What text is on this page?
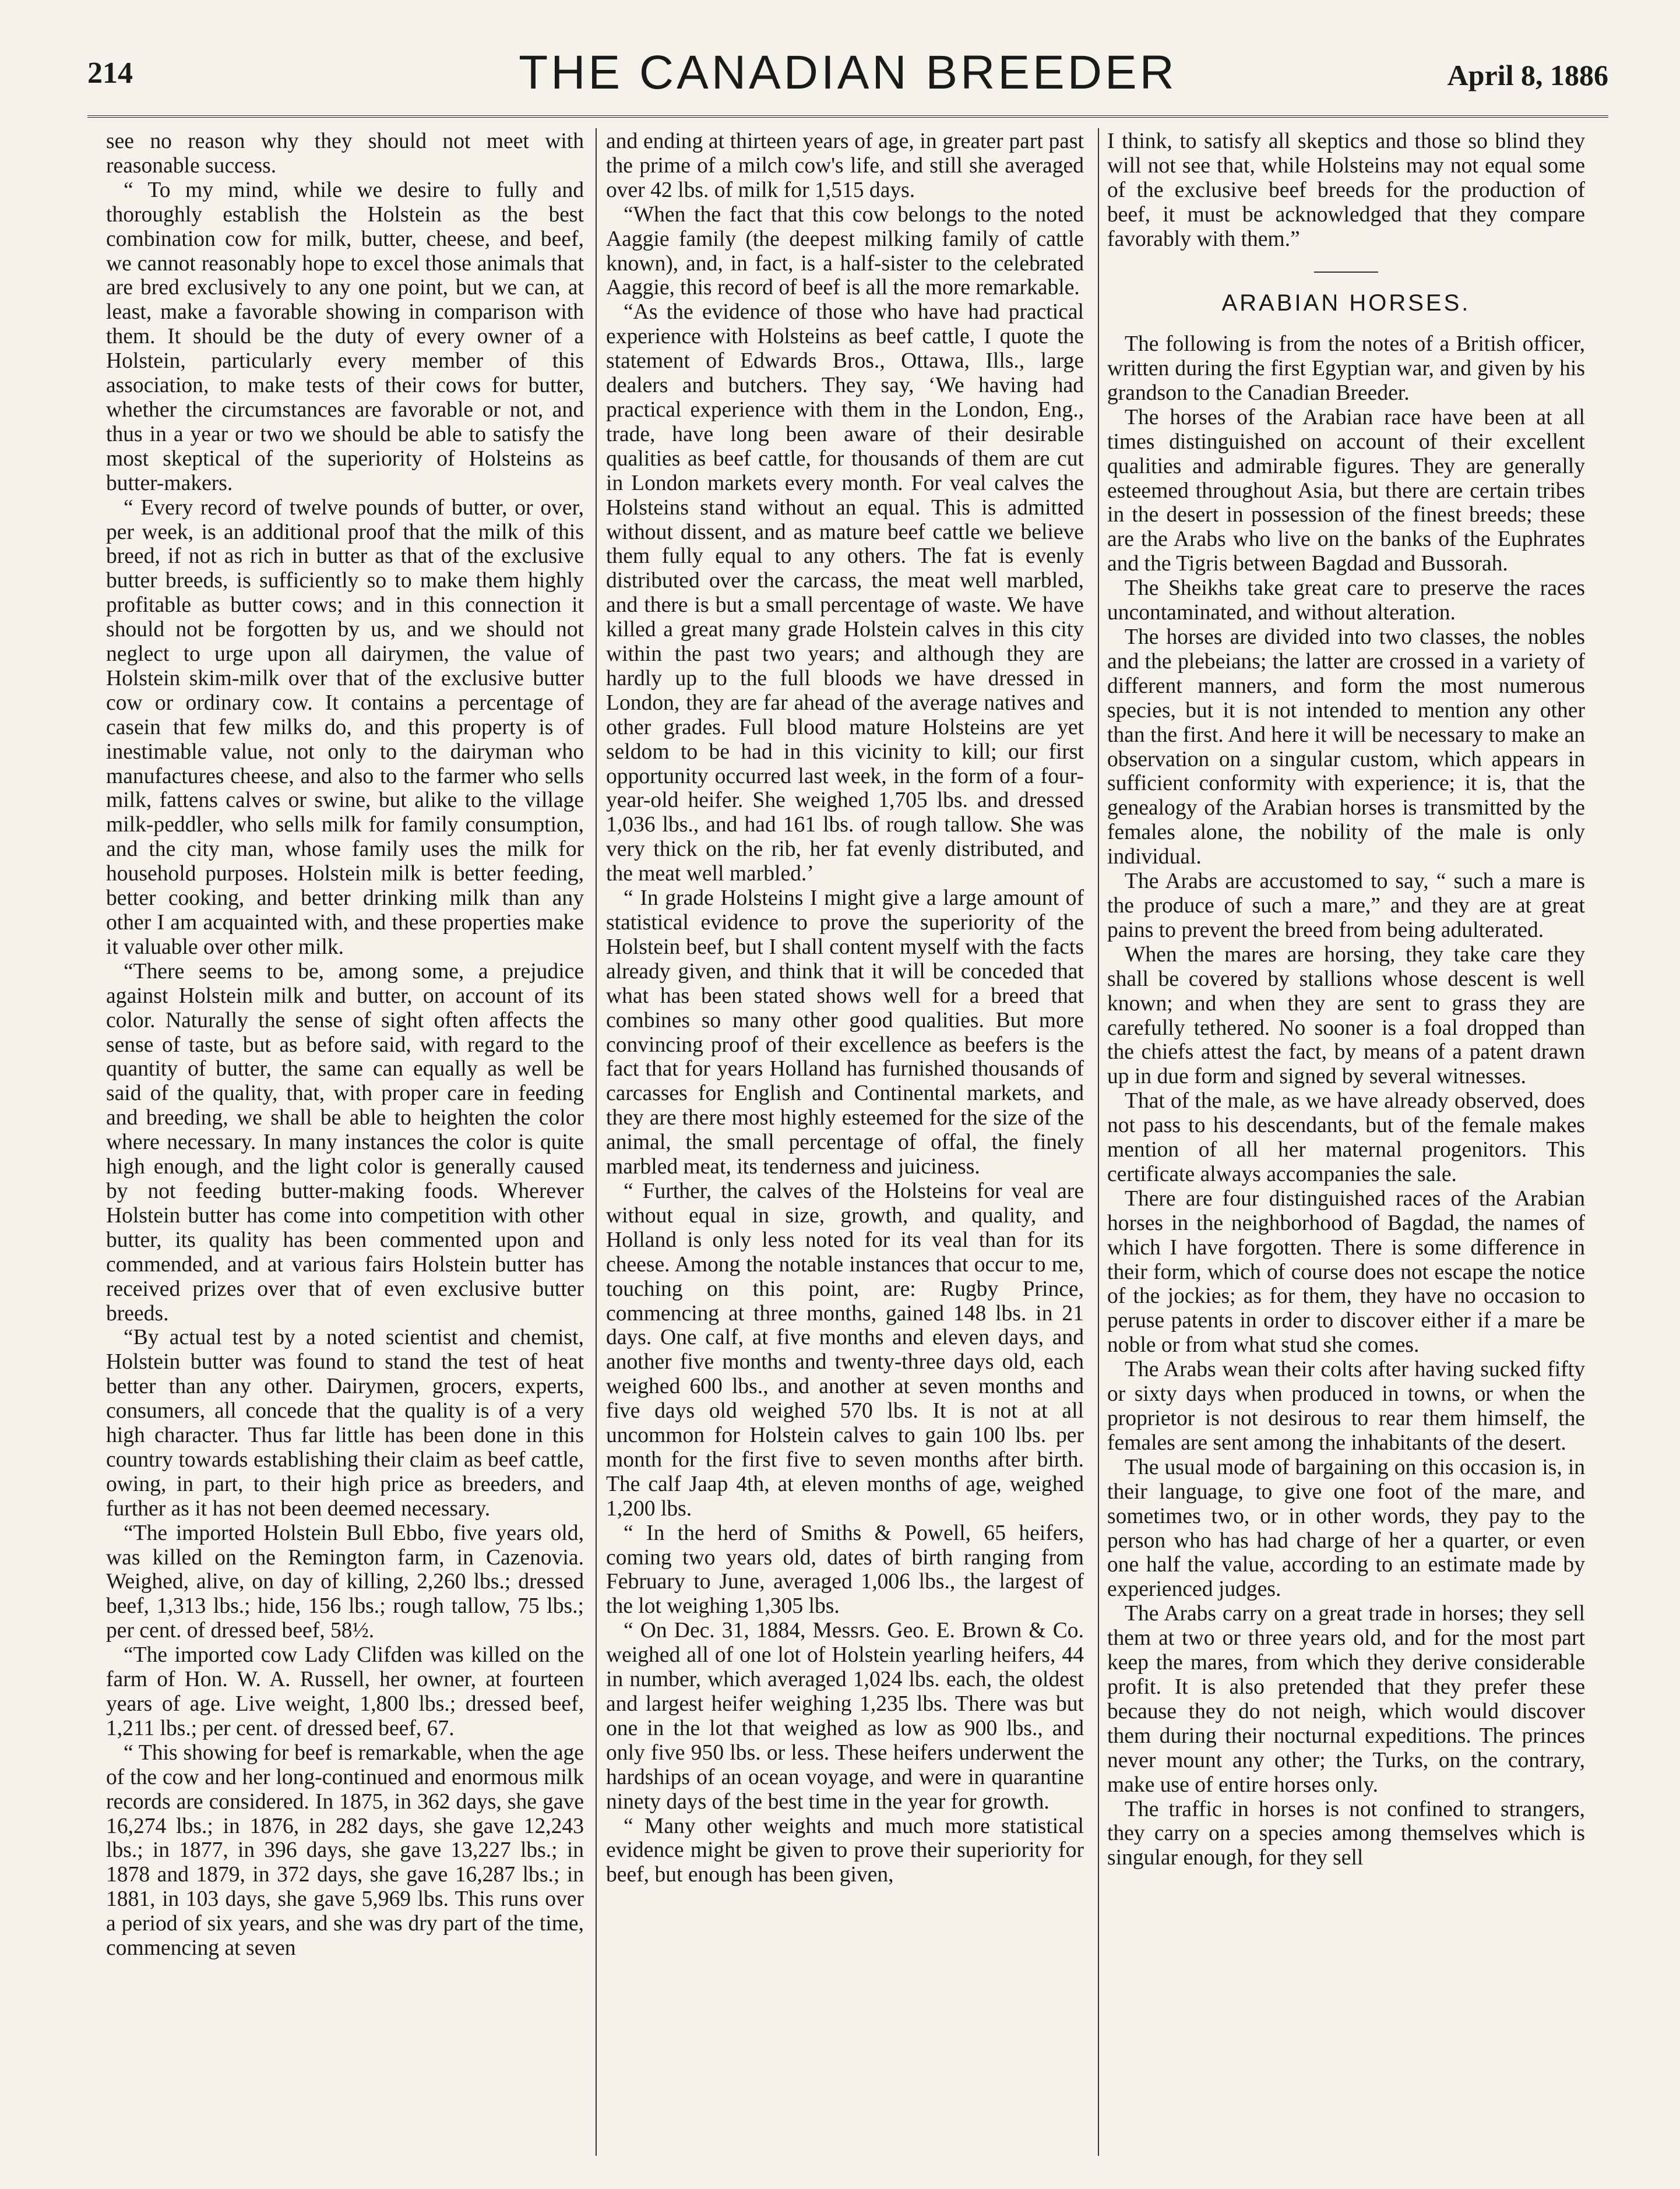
214	THE CANADIAN BREEDER	April 8, 1886

see no reason why they should not meet with reasonable success.

“ To my mind, while we desire to fully and thoroughly establish the Holstein as the best combination cow for milk, butter, cheese, and beef, we cannot reasonably hope to excel those animals that are bred exclusively to any one point, but we can, at least, make a favorable showing in comparison with them. It should be the duty of every owner of a Holstein, particularly every member of this association, to make tests of their cows for butter, whether the circumstances are favorable or not, and thus in a year or two we should be able to satisfy the most skeptical of the superiority of Holsteins as butter-makers.

“ Every record of twelve pounds of butter, or over, per week, is an additional proof that the milk of this breed, if not as rich in butter as that of the exclusive butter breeds, is sufficiently so to make them highly profitable as butter cows; and in this connection it should not be forgotten by us, and we should not neglect to urge upon all dairymen, the value of Holstein skim-milk over that of the exclusive butter cow or ordinary cow. It contains a percentage of casein that few milks do, and this property is of inestimable value, not only to the dairyman who manufactures cheese, and also to the farmer who sells milk, fattens calves or swine, but alike to the village milk-peddler, who sells milk for family consumption, and the city man, whose family uses the milk for household purposes. Holstein milk is better feeding, better cooking, and better drinking milk than any other I am acquainted with, and these properties make it valuable over other milk.

“There seems to be, among some, a prejudice against Holstein milk and butter, on account of its color. Naturally the sense of sight often affects the sense of taste, but as before said, with regard to the quantity of butter, the same can equally as well be said of the quality, that, with proper care in feeding and breeding, we shall be able to heighten the color where necessary. In many instances the color is quite high enough, and the light color is generally caused by not feeding butter-making foods. Wherever Holstein butter has come into competition with other butter, its quality has been commented upon and commended, and at various fairs Holstein butter has received prizes over that of even exclusive butter breeds.

“By actual test by a noted scientist and chemist, Holstein butter was found to stand the test of heat better than any other. Dairymen, grocers, experts, consumers, all concede that the quality is of a very high character. Thus far little has been done in this country towards establishing their claim as beef cattle, owing, in part, to their high price as breeders, and further as it has not been deemed necessary.

“The imported Holstein Bull Ebbo, five years old, was killed on the Remington farm, in Cazenovia. Weighed, alive, on day of killing, 2,260 lbs.; dressed beef, 1,313 lbs.; hide, 156 lbs.; rough tallow, 75 lbs.; per cent. of dressed beef, 58½.

“The imported cow Lady Clifden was killed on the farm of Hon. W. A. Russell, her owner, at fourteen years of age. Live weight, 1,800 lbs.; dressed beef, 1,211 lbs.; per cent. of dressed beef, 67.

“ This showing for beef is remarkable, when the age of the cow and her long-continued and enormous milk records are considered. In 1875, in 362 days, she gave 16,274 lbs.; in 1876, in 282 days, she gave 12,243 lbs.; in 1877, in 396 days, she gave 13,227 lbs.; in 1878 and 1879, in 372 days, she gave 16,287 lbs.; in 1881, in 103 days, she gave 5,969 lbs. This runs over a period of six years, and she was dry part of the time, commencing at seven

and ending at thirteen years of age, in greater part past the prime of a milch cow's life, and still she averaged over 42 lbs. of milk for 1,515 days.

“When the fact that this cow belongs to the noted Aaggie family (the deepest milking family of cattle known), and, in fact, is a half-sister to the celebrated Aaggie, this record of beef is all the more remarkable.

“As the evidence of those who have had practical experience with Holsteins as beef cattle, I quote the statement of Edwards Bros., Ottawa, Ills., large dealers and butchers. They say, ‘We having had practical experience with them in the London, Eng., trade, have long been aware of their desirable qualities as beef cattle, for thousands of them are cut in London markets every month. For veal calves the Holsteins stand without an equal. This is admitted without dissent, and as mature beef cattle we believe them fully equal to any others. The fat is evenly distributed over the carcass, the meat well marbled, and there is but a small percentage of waste. We have killed a great many grade Holstein calves in this city within the past two years; and although they are hardly up to the full bloods we have dressed in London, they are far ahead of the average natives and other grades. Full blood mature Holsteins are yet seldom to be had in this vicinity to kill; our first opportunity occurred last week, in the form of a four-year-old heifer. She weighed 1,705 lbs. and dressed 1,036 lbs., and had 161 lbs. of rough tallow. She was very thick on the rib, her fat evenly distributed, and the meat well marbled.’

“ In grade Holsteins I might give a large amount of statistical evidence to prove the superiority of the Holstein beef, but I shall content myself with the facts already given, and think that it will be conceded that what has been stated shows well for a breed that combines so many other good qualities. But more convincing proof of their excellence as beefers is the fact that for years Holland has furnished thousands of carcasses for English and Continental markets, and they are there most highly esteemed for the size of the animal, the small percentage of offal, the finely marbled meat, its tenderness and juiciness.

“ Further, the calves of the Holsteins for veal are without equal in size, growth, and quality, and Holland is only less noted for its veal than for its cheese. Among the notable instances that occur to me, touching on this point, are: Rugby Prince, commencing at three months, gained 148 lbs. in 21 days. One calf, at five months and eleven days, and another five months and twenty-three days old, each weighed 600 lbs., and another at seven months and five days old weighed 570 lbs. It is not at all uncommon for Holstein calves to gain 100 lbs. per month for the first five to seven months after birth. The calf Jaap 4th, at eleven months of age, weighed 1,200 lbs.

“ In the herd of Smiths & Powell, 65 heifers, coming two years old, dates of birth ranging from February to June, averaged 1,006 lbs., the largest of the lot weighing 1,305 lbs.

“ On Dec. 31, 1884, Messrs. Geo. E. Brown & Co. weighed all of one lot of Holstein yearling heifers, 44 in number, which averaged 1,024 lbs. each, the oldest and largest heifer weighing 1,235 lbs. There was but one in the lot that weighed as low as 900 lbs., and only five 950 lbs. or less. These heifers underwent the hardships of an ocean voyage, and were in quarantine ninety days of the best time in the year for growth.

“ Many other weights and much more statistical evidence might be given to prove their superiority for beef, but enough has been given,

I think, to satisfy all skeptics and those so blind they will not see that, while Holsteins may not equal some of the exclusive beef breeds for the production of beef, it must be acknowledged that they compare favorably with them.”

ARABIAN HORSES.

The following is from the notes of a British officer, written during the first Egyptian war, and given by his grandson to the Canadian Breeder.

The horses of the Arabian race have been at all times distinguished on account of their excellent qualities and admirable figures. They are generally esteemed throughout Asia, but there are certain tribes in the desert in possession of the finest breeds; these are the Arabs who live on the banks of the Euphrates and the Tigris between Bagdad and Bussorah.

The Sheikhs take great care to preserve the races uncontaminated, and without alteration.

The horses are divided into two classes, the nobles and the plebeians; the latter are crossed in a variety of different manners, and form the most numerous species, but it is not intended to mention any other than the first. And here it will be necessary to make an observation on a singular custom, which appears in sufficient conformity with experience; it is, that the genealogy of the Arabian horses is transmitted by the females alone, the nobility of the male is only individual.

The Arabs are accustomed to say, “ such a mare is the produce of such a mare,” and they are at great pains to prevent the breed from being adulterated.

When the mares are horsing, they take care they shall be covered by stallions whose descent is well known; and when they are sent to grass they are carefully tethered. No sooner is a foal dropped than the chiefs attest the fact, by means of a patent drawn up in due form and signed by several witnesses.

That of the male, as we have already observed, does not pass to his descendants, but of the female makes mention of all her maternal progenitors. This certificate always accompanies the sale.

There are four distinguished races of the Arabian horses in the neighborhood of Bagdad, the names of which I have forgotten. There is some difference in their form, which of course does not escape the notice of the jockies; as for them, they have no occasion to peruse patents in order to discover either if a mare be noble or from what stud she comes.

The Arabs wean their colts after having sucked fifty or sixty days when produced in towns, or when the proprietor is not desirous to rear them himself, the females are sent among the inhabitants of the desert.

The usual mode of bargaining on this occasion is, in their language, to give one foot of the mare, and sometimes two, or in other words, they pay to the person who has had charge of her a quarter, or even one half the value, according to an estimate made by experienced judges.

The Arabs carry on a great trade in horses; they sell them at two or three years old, and for the most part keep the mares, from which they derive considerable profit. It is also pretended that they prefer these because they do not neigh, which would discover them during their nocturnal expeditions. The princes never mount any other; the Turks, on the contrary, make use of entire horses only.

The traffic in horses is not confined to strangers, they carry on a species among themselves which is singular enough, for they sell
